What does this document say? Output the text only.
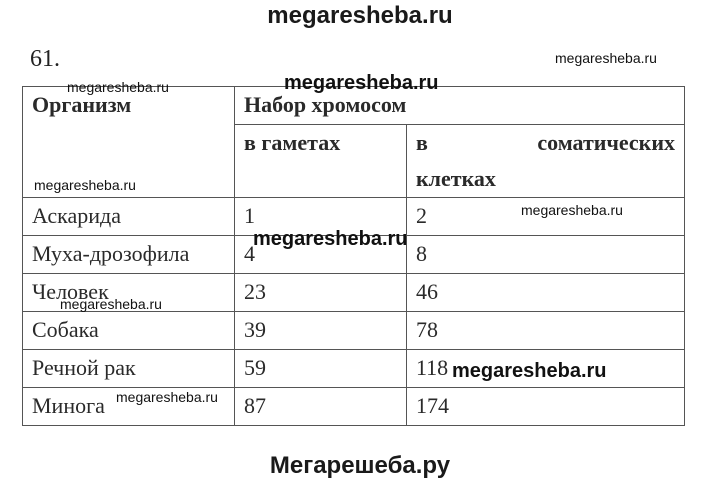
megaresheba.ru
61.
Организм	Набор хромосом	
	в гаметах	в соматических
клетках

Аскарида	1	2
Муха-дрозофила	4	8
Человек	23	46
Собака	39	78
Речной рак	59	118
Минога	87	174
megaresheba.ru
megaresheba.ru	megaresheba.ru
megaresheba.ru
megaresheba.ru
megaresheba.ru
megaresheba.ru
megaresheba.ru
megaresheba.ru
Мегарешеба.ру
